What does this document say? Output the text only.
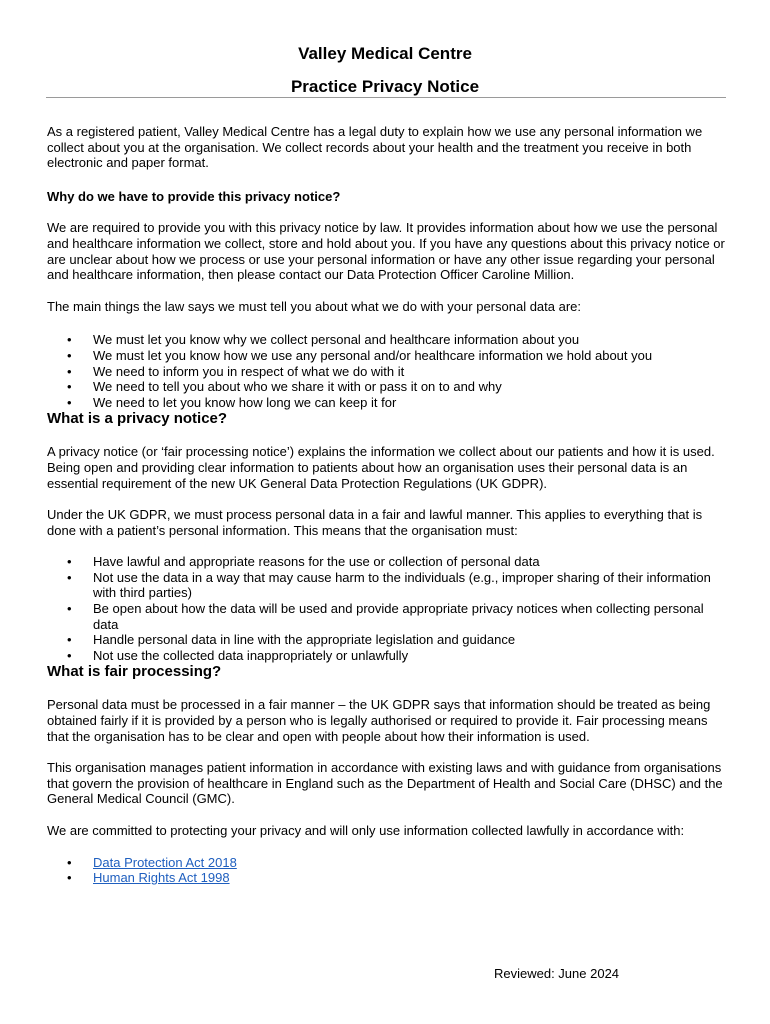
Valley Medical Centre
Practice Privacy Notice

As a registered patient, Valley Medical Centre has a legal duty to explain how we use any personal information we collect about you at the organisation. We collect records about your health and the treatment you receive in both electronic and paper format.

Why do we have to provide this privacy notice?

We are required to provide you with this privacy notice by law. It provides information about how we use the personal and healthcare information we collect, store and hold about you. If you have any questions about this privacy notice or are unclear about how we process or use your personal information or have any other issue regarding your personal and healthcare information, then please contact our Data Protection Officer Caroline Million.

The main things the law says we must tell you about what we do with your personal data are:

• We must let you know why we collect personal and healthcare information about you
• We must let you know how we use any personal and/or healthcare information we hold about you
• We need to inform you in respect of what we do with it
• We need to tell you about who we share it with or pass it on to and why
• We need to let you know how long we can keep it for
What is a privacy notice?

A privacy notice (or ‘fair processing notice’) explains the information we collect about our patients and how it is used. Being open and providing clear information to patients about how an organisation uses their personal data is an essential requirement of the new UK General Data Protection Regulations (UK GDPR).

Under the UK GDPR, we must process personal data in a fair and lawful manner. This applies to everything that is done with a patient’s personal information. This means that the organisation must:

• Have lawful and appropriate reasons for the use or collection of personal data
• Not use the data in a way that may cause harm to the individuals (e.g., improper sharing of their information with third parties)
• Be open about how the data will be used and provide appropriate privacy notices when collecting personal data
• Handle personal data in line with the appropriate legislation and guidance
• Not use the collected data inappropriately or unlawfully
What is fair processing?

Personal data must be processed in a fair manner – the UK GDPR says that information should be treated as being obtained fairly if it is provided by a person who is legally authorised or required to provide it. Fair processing means that the organisation has to be clear and open with people about how their information is used.

This organisation manages patient information in accordance with existing laws and with guidance from organisations that govern the provision of healthcare in England such as the Department of Health and Social Care (DHSC) and the General Medical Council (GMC).

We are committed to protecting your privacy and will only use information collected lawfully in accordance with:

• Data Protection Act 2018
• Human Rights Act 1998
Reviewed: June 2024
